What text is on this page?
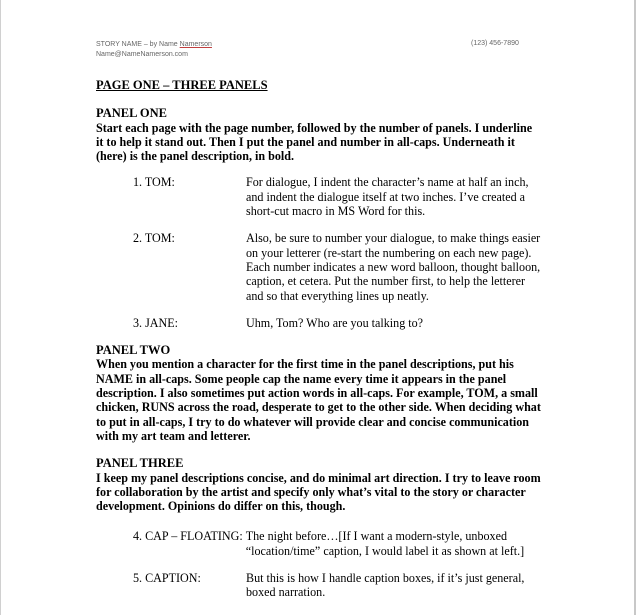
STORY NAME – by Name Namerson
Name@NameNamerson.com
(123) 456-7890
PAGE ONE – THREE PANELS
PANEL ONE
Start each page with the page number, followed by the number of panels. I underline it to help it stand out. Then I put the panel and number in all-caps. Underneath it (here) is the panel description, in bold.
1. TOM:	For dialogue, I indent the character’s name at half an inch, and indent the dialogue itself at two inches. I’ve created a short-cut macro in MS Word for this.
2. TOM:	Also, be sure to number your dialogue, to make things easier on your letterer (re-start the numbering on each new page). Each number indicates a new word balloon, thought balloon, caption, et cetera. Put the number first, to help the letterer and so that everything lines up neatly.
3. JANE:	Uhm, Tom? Who are you talking to?
PANEL TWO
When you mention a character for the first time in the panel descriptions, put his NAME in all-caps. Some people cap the name every time it appears in the panel description. I also sometimes put action words in all-caps. For example, TOM, a small chicken, RUNS across the road, desperate to get to the other side. When deciding what to put in all-caps, I try to do whatever will provide clear and concise communication with my art team and letterer.
PANEL THREE
I keep my panel descriptions concise, and do minimal art direction. I try to leave room for collaboration by the artist and specify only what’s vital to the story or character development. Opinions do differ on this, though.
4. CAP – FLOATING: The night before…[If I want a modern-style, unboxed “location/time” caption, I would label it as shown at left.]
5. CAPTION:	But this is how I handle caption boxes, if it’s just general, boxed narration.
